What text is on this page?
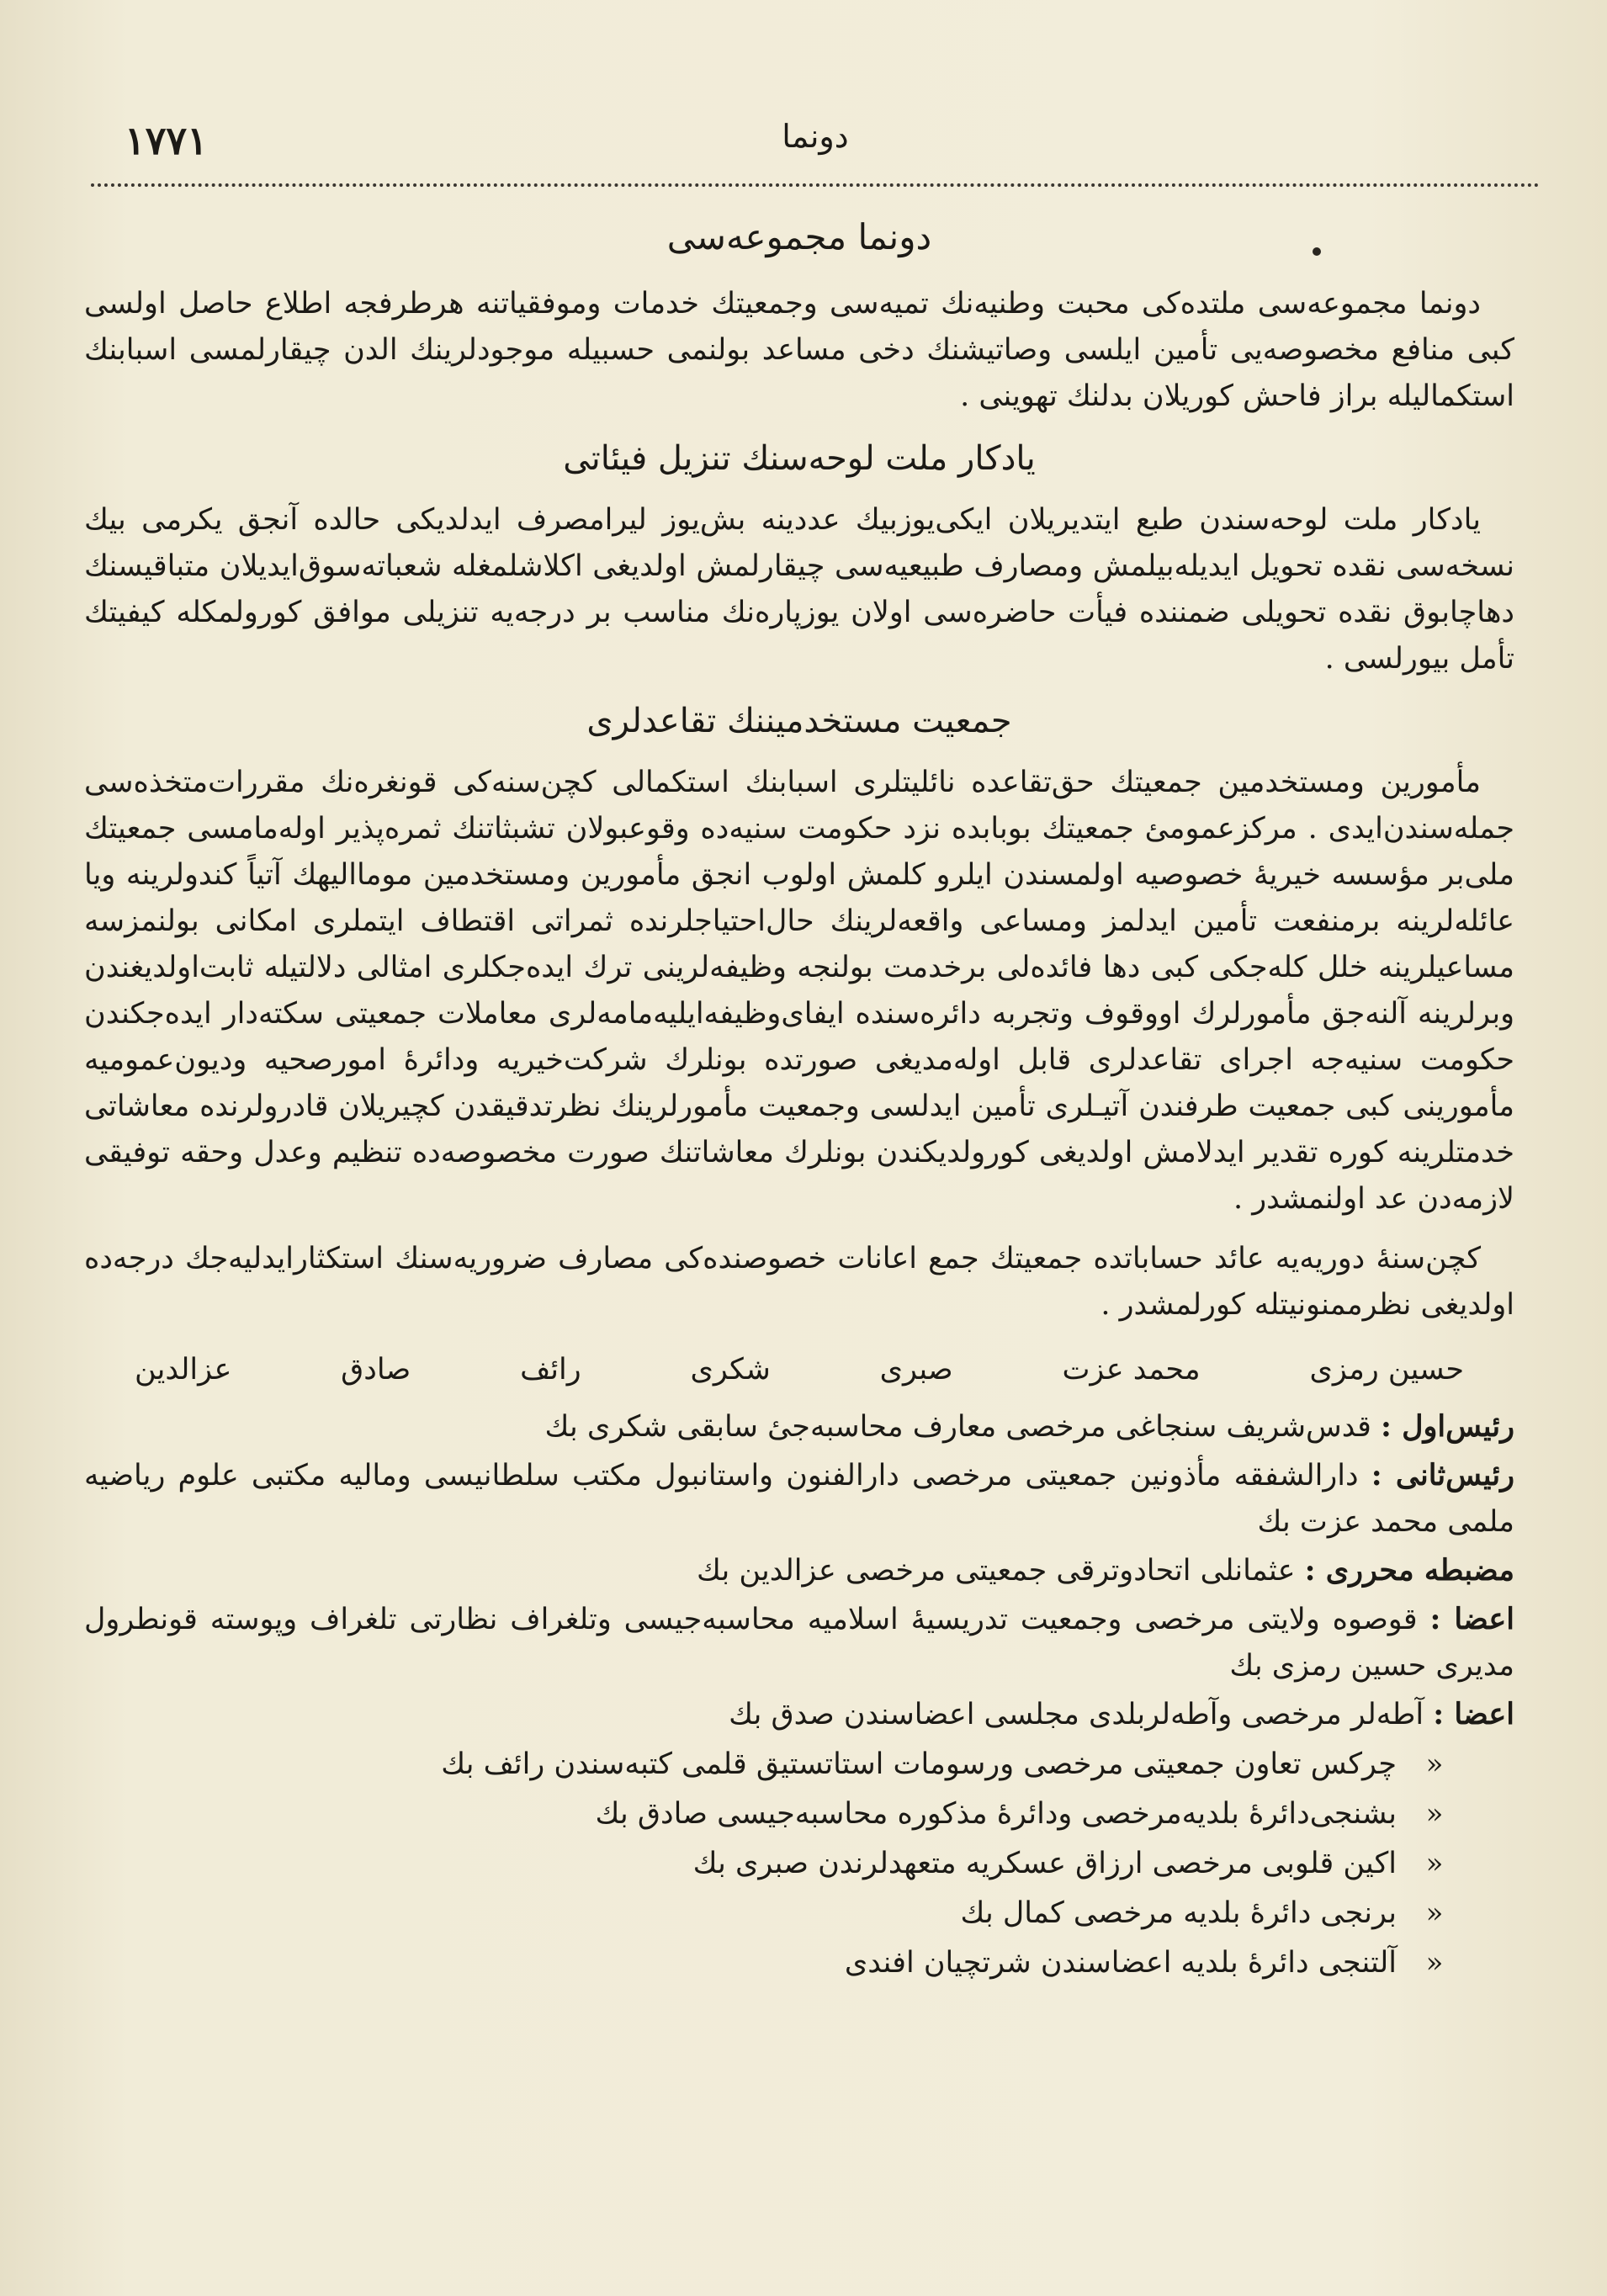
١٧٧١	دونما
دونما مجموعه‌سی

دونما مجموعه‌سی ملتده‌کی محبت وطنیه‌نك تمیه‌سی وجمعیتك خدمات وموفقیاتنه هرطرفجه اطلاع حاصل اولسی کبی منافع مخصوصه‌یی تأمین ایلسی وصاتیشنك دخی مساعد بولنمی حسبیله موجودلرینك الدن چیقارلمسی اسبابنك استکمالیله براز فاحش کوریلان بدلنك تهوینی .

یادکار ملت لوحه‌سنك تنزیل فیئاتی

یادکار ملت لوحه‌سندن طبع ایتدیریلان ایکی‌یوزبیك عددینه بش‌یوز لیرامصرف ایدلدیکی حالده آنجق یکرمی بیك نسخه‌سی نقده تحویل ایدیله‌بیلمش ومصارف طبیعیه‌سی چیقارلمش اولدیغی اکلاشلمغله شعباته‌سوق‌ایدیلان متباقیسنك دها‌چابوق نقده تحویلی ضمننده فیأت حاضره‌سی اولان یوزپاره‌نك مناسب بر درجه‌یه تنزیلی موافق کورولمکله کیفیتك تأمل بیورلسی .

جمعیت مستخدمیننك تقاعدلری

مأمورین ومستخدمین جمعیتك حق‌تقاعده نائلیتلری اسبابنك استکمالی کچن‌سنه‌کی قونغره‌نك مقررات‌متخذه‌سی جمله‌سندن‌ایدی . مرکز‌عمومئ جمعیتك بوبابده نزد حکومت سنیه‌ده وقوعبولان تشبثاتنك ثمره‌پذیر اوله‌مامسی جمعیتك ملی‌بر مؤسسه خیریهٔ خصوصیه اولمسندن ایلرو کلمش اولوب انجق مأمورین ومستخدمین موماالیهك آتیاً کندولرینه ویا عائله‌لرینه برمنفعت تأمین ایدلمز ومساعی‌ واقعه‌لرینك حال‌احتیاجلرنده ثمراتی اقتطاف ایتملری امکانی بولنمزسه مساعیلرینه خلل کله‌جکی کبی دها فائده‌لی برخدمت بولنجه وظیفه‌لرینی ترك ایده‌جکلری امثالی دلالتیله ثابت‌اولدیغندن وبرلرینه آلنه‌جق مأمورلرك اووقوف وتجربه دائره‌سنده ایفای‌وظیفه‌ایلیه‌مامه‌لری معاملات جمعیتی سکته‌دار ایده‌جکندن حکومت سنیه‌جه اجرای تقاعدلری قابل اوله‌مدیغی صورتده بونلرك شرکت‌خیریه ودائرهٔ امورصحیه ودیون‌عمومیه مأمورینی کبی جمعیت طرفندن آتیـلری تأمین ایدلسی وجمعیت مأمورلرینك نظرتدقیقدن کچیریلان قادرولرنده معاشاتی خدمتلرینه کوره تقدیر ایدلامش اولدیغی کورولدیکندن بونلرك معاشاتنك صورت مخصوصه‌ده تنظیم وعدل وحقه توفیقی لازمه‌دن عد اولنمشدر .

کچن‌سنهٔ دوریه‌یه عائد حساباتده جمعیتك جمع اعانات خصوصنده‌کی مصارف ضروریه‌سنك استکثار‌ایدلیه‌جك درجه‌ده اولدیغی نظرممنونیتله کورلمشدر .

حسین رمزی
محمد عزت
صبری
شکری
رائف
صادق
عزالدین
رئیس‌اول : قدس‌شریف سنجاغی مرخصی معارف محاسبه‌جیٔ سابقی شکری بك
رئیس‌ثانی : دارالشفقه مأذونین جمعیتی مرخصی دارالفنون واستانبول مکتب سلطانیسی ومالیه مکتبی علوم ریاضیه ملمی محمد عزت بك
مضبطه محرری : عثمانلی اتحادوترقی جمعیتی مرخصی عزالدین بك
اعضا : قوصوه ولایتی مرخصی وجمعیت تدریسیهٔ اسلامیه محاسبه‌جیسی وتلغراف نظارتی تلغراف وپوسته قونطرول مدیری حسین رمزی بك
اعضا : آطه‌لر مرخصی وآطه‌لربلدی مجلسی اعضاسندن صدق بك
«
چرکس تعاون جمعیتی مرخصی ورسومات استاتستیق قلمی کتبه‌سندن رائف بك
«
بشنجی‌دائرهٔ بلدیه‌مرخصی ودائرهٔ مذکوره محاسبه‌جیسی صادق بك
«
اکین قلوبی مرخصی ارزاق عسکریه متعهدلرندن صبری بك
«
برنجی دائرهٔ بلدیه مرخصی کمال بك
«
آلتنجی دائرهٔ بلدیه اعضاسندن شرتچیان افندی
